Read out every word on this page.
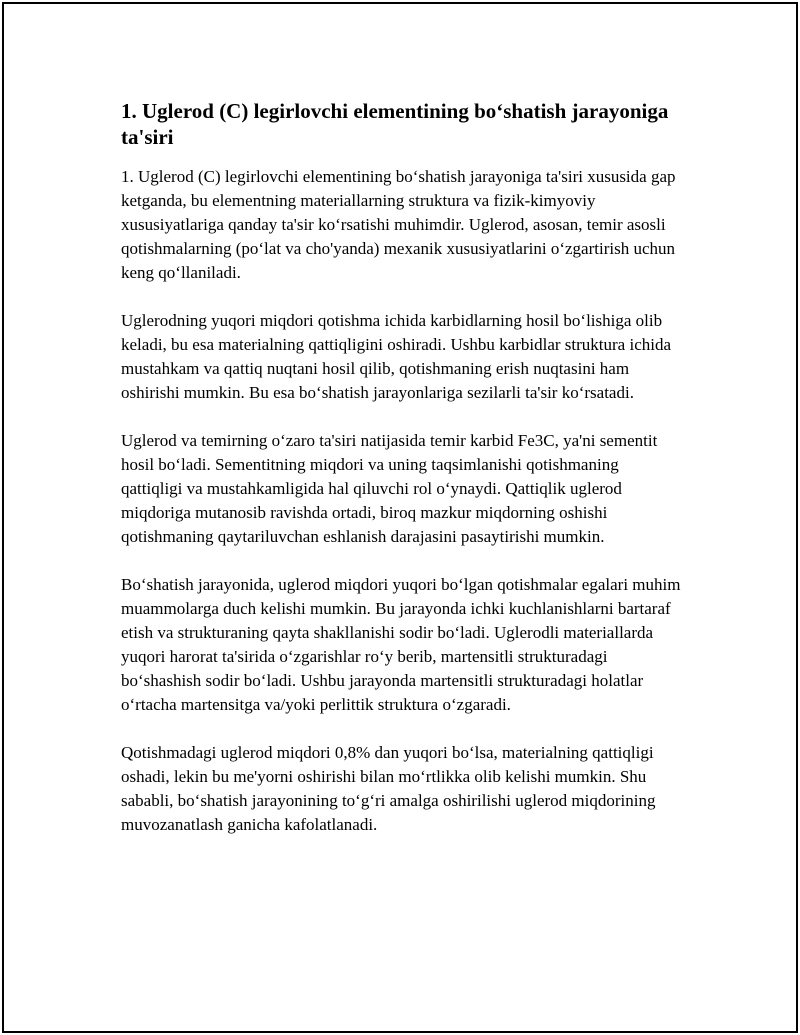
1. Uglerod (C) legirlovchi elementining bo‘shatish jarayoniga ta'siri

1. Uglerod (C) legirlovchi elementining bo‘shatish jarayoniga ta'siri xususida gap ketganda, bu elementning materiallarning struktura va fizik-kimyoviy xususiyatlariga qanday ta'sir ko‘rsatishi muhimdir. Uglerod, asosan, temir asosli qotishmalarning (po‘lat va cho'yanda) mexanik xususiyatlarini o‘zgartirish uchun keng qo‘llaniladi.

Uglerodning yuqori miqdori qotishma ichida karbidlarning hosil bo‘lishiga olib keladi, bu esa materialning qattiqligini oshiradi. Ushbu karbidlar struktura ichida mustahkam va qattiq nuqtani hosil qilib, qotishmaning erish nuqtasini ham oshirishi mumkin. Bu esa bo‘shatish jarayonlariga sezilarli ta'sir ko‘rsatadi.

Uglerod va temirning o‘zaro ta'siri natijasida temir karbid Fe3C, ya'ni sementit hosil bo‘ladi. Sementitning miqdori va uning taqsimlanishi qotishmaning qattiqligi va mustahkamligida hal qiluvchi rol o‘ynaydi. Qattiqlik uglerod miqdoriga mutanosib ravishda ortadi, biroq mazkur miqdorning oshishi qotishmaning qaytariluvchan eshlanish darajasini pasaytirishi mumkin.

Bo‘shatish jarayonida, uglerod miqdori yuqori bo‘lgan qotishmalar egalari muhim muammolarga duch kelishi mumkin. Bu jarayonda ichki kuchlanishlarni bartaraf etish va strukturaning qayta shakllanishi sodir bo‘ladi. Uglerodli materiallarda yuqori harorat ta'sirida o‘zgarishlar ro‘y berib, martensitli strukturadagi bo‘shashish sodir bo‘ladi. Ushbu jarayonda martensitli strukturadagi holatlar o‘rtacha martensitga va/yoki perlittik struktura o‘zgaradi.

Qotishmadagi uglerod miqdori 0,8% dan yuqori bo‘lsa, materialning qattiqligi oshadi, lekin bu me'yorni oshirishi bilan mo‘rtlikka olib kelishi mumkin. Shu sababli, bo‘shatish jarayonining to‘g‘ri amalga oshirilishi uglerod miqdorining muvozanatlash ganicha kafolatlanadi.
